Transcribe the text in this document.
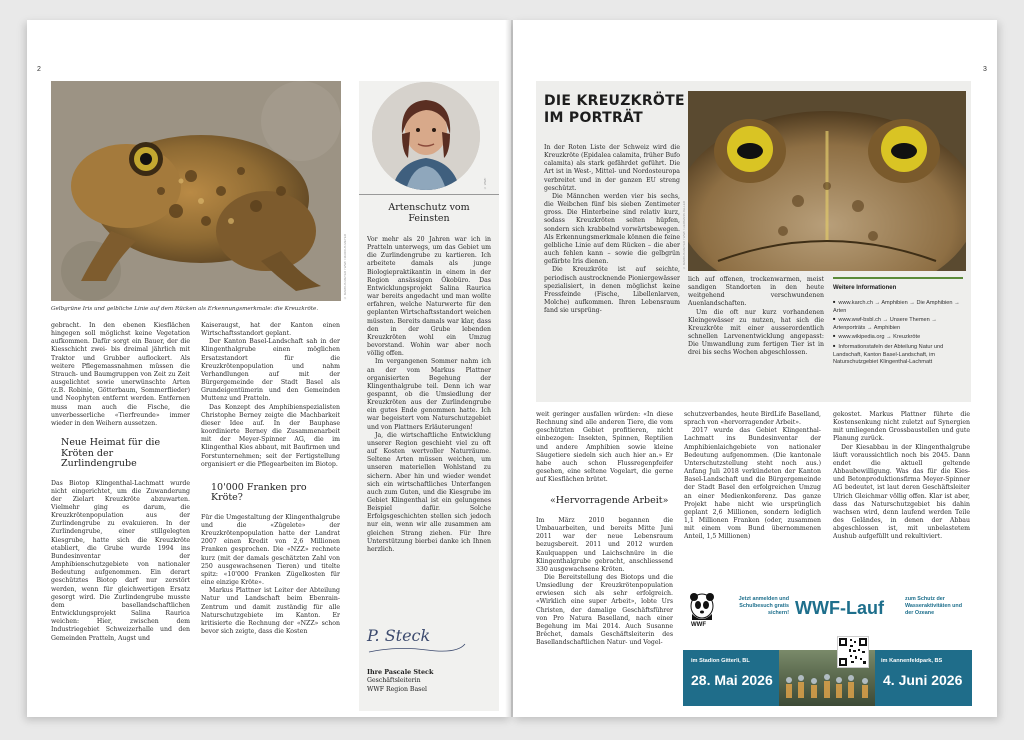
2
© MARKUS MEYER / WWF / MARKUS MEYER
Gelbgrüne Iris und gelbliche Linie auf dem Rücken als Erkennungsmerkmale: die Kreuzkröte.

gebracht. In den ebenen Kiesflächen hingegen soll möglichst keine Vegetation aufkommen. Dafür sorgt ein Bauer, der die Kiesschicht zwei- bis dreimal jährlich mit Traktor und Grubber auflockert. Als weitere Pflegemassnahmen müssen die Strauch- und Baumgruppen von Zeit zu Zeit ausgelichtet sowie unerwünschte Arten (z.B. Robinie, Götterbaum, Sommerflieder) und Neophyten entfernt werden. Entfernen muss man auch die Fische, die unverbesserliche «Tierfreunde» immer wieder in den Weihern aussetzen.

Neue Heimat für die Kröten der Zurlindengrube

Das Biotop Klingenthal-Lachmatt wurde nicht eingerichtet, um die Zuwanderung der Zielart Kreuzkröte abzuwarten. Vielmehr ging es darum, die Kreuzkrötenpopulation aus der Zurlindengrube zu evakuieren. In der Zurlindengrube, einer stillgelegten Kiesgrube, hatte sich die Kreuzkröte etabliert, die Grube wurde 1994 ins Bundesinventar der Amphibienschutzgebiete von nationaler Bedeutung aufgenommen. Ein derart geschütztes Biotop darf nur zerstört werden, wenn für gleichwertigen Ersatz gesorgt wird. Die Zurlindengrube musste dem basellandschaftlichen Entwicklungsprojekt Salina Raurica weichen: Hier, zwischen dem Industriegebiet Schweizerhalle und den Gemeinden Pratteln, Augst und

Kaiseraugst, hat der Kanton einen Wirtschaftsstandort geplant.

Der Kanton Basel-Landschaft sah in der Klingenthalgrube einen möglichen Ersatzstandort für die Kreuzkrötenpopulation und nahm Verhandlungen auf mit der Bürgergemeinde der Stadt Basel als Grundeigentümerin und den Gemeinden Muttenz und Pratteln.

Das Konzept des Amphibienspezialisten Christophe Berney zeigte die Machbarkeit dieser Idee auf. In der Bauphase koordinierte Berney die Zusammenarbeit mit der Meyer-Spinner AG, die im Klingenthal Kies abbaut, mit Baufirmen und Forstunternehmen; seit der Fertigstellung organisiert er die Pflegearbeiten im Biotop.

10'000 Franken pro Kröte?

Für die Umgestaltung der Klingenthalgrube und die «Zügelete» der Kreuzkrötenpopulation hatte der Landrat 2007 einen Kredit von 2,6 Millionen Franken gesprochen. Die «NZZ» rechnete kurz (mit der damals geschätzten Zahl von 250 ausgewachsenen Tieren) und titelte spitz: «10'000 Franken Zügelkosten für eine einzige Kröte».

Markus Plattner ist Leiter der Abteilung Natur und Landschaft beim Ebenrain-Zentrum und damit zuständig für alle Naturschutzgebiete im Kanton. Er kritisierte die Rechnung der «NZZ» schon bevor sich zeigte, dass die Kosten

© WWF
Artenschutz vom Feinsten

Vor mehr als 20 Jahren war ich in Pratteln unterwegs, um das Gebiet um die Zurlindengrube zu kartieren. Ich arbeitete damals als junge Biologiepraktikantin in einem in der Region ansässigen Ökobüro. Das Entwicklungsprojekt Salina Raurica war bereits angedacht und man wollte erfahren, welche Naturwerte für den geplanten Wirtschaftsstandort weichen müssten. Bereits damals war klar, dass den in der Grube lebenden Kreuzkröten wohl ein Umzug bevorstand. Wohin war aber noch völlig offen.

Im vergangenen Sommer nahm ich an der vom Markus Plattner organisierten Begehung der Klingenthalgrube teil. Denn ich war gespannt, ob die Umsiedlung der Kreuzkröten aus der Zurlindengrube ein gutes Ende genommen hatte. Ich war begeistert vom Naturschutzgebiet und von Plattners Erläuterungen!

Ja, die wirtschaftliche Entwicklung unserer Region geschieht viel zu oft auf Kosten wertvoller Naturräume. Seltene Arten müssen weichen, um unseren materiellen Wohlstand zu sichern. Aber hin und wieder wendet sich ein wirtschaftliches Unterfangen auch zum Guten, und die Kiesgrube im Gebiet Klingenthal ist ein gelungenes Beispiel dafür. Solche Erfolgsgeschichten stellen sich jedoch nur ein, wenn wir alle zusammen am gleichen Strang ziehen. Für Ihre Unterstützung bierbei danke ich Ihnen herzlich.

P. Steck
Ihre Pascale Steck
Geschäftsleiterin
WWF Region Basel
3
DIE KREUZKRÖTE
IM PORTRÄT

In der Roten Liste der Schweiz wird die Kreuzkröte (Epidalea calamita, früher Bufo calamita) als stark gefährdet geführt. Die Art ist in West-, Mittel- und Nordosteuropa verbreitet und in der ganzen EU streng geschützt.

Die Männchen werden vier bis sechs, die Weibchen fünf bis sieben Zentimeter gross. Die Hinterbeine sind relativ kurz, sodass Kreuzkröten selten hüpfen, sondern sich krabbelnd vorwärtsbewegen. Als Erkennungsmerkmale können die feine gelbliche Linie auf dem Rücken – die aber auch fehlen kann – sowie die gelbgrün gefärbte Iris dienen.

Die Kreuzkröte ist auf seichte, periodisch austrocknende Pioniergewässer spezialisiert, in denen möglichst keine Fressfeinde (Fische, Libellenlarven, Molche) aufkommen. Ihren Lebensraum fand sie ursprüng-

© MARKUS MEYER / WWF / HERMANN ZELLER

lich auf offenen, trockenwarmen, meist sandigen Standorten in den heute weitgehend verschwundenen Auenlandschaften.

Um die oft nur kurz vorhandenen Kleingewässer zu nutzen, hat sich die Kreuzkröte mit einer ausserordentlich schnellen Larvenentwicklung angepasst: Die Umwandlung zum fertigen Tier ist in drei bis sechs Wochen abgeschlossen.

Weitere Informationen
■ www.karch.ch → Amphibien → Die Amphibien → Arten
■ www.wwf-bsbl.ch → Unsere Themen → Artenporträts → Amphibien
■ www.wikipedia.org → Kreuzkröte
■ Informationstafeln der Abteilung Natur und Landschaft, Kanton Basel-Landschaft, im Naturschutzgebiet Klingenthal-Lachmatt

weit geringer ausfallen würden: «In diese Rechnung sind alle anderen Tiere, die vom geschützten Gebiet profitieren, nicht einbezogen: Insekten, Spinnen, Reptilien und andere Amphibien sowie kleine Säugetiere siedeln sich auch hier an.» Er habe auch schon Flussregenpfeifer gesehen, eine seltene Vogelart, die gerne auf Kiesflächen brütet.

«Hervorragende Arbeit»

Im März 2010 begannen die Umbauarbeiten, und bereits Mitte Juni 2011 war der neue Lebensraum bezugsbereit. 2011 und 2012 wurden Kaulquappen und Laichschnüre in die Klingenthalgrube gebracht, anschliessend 330 ausgewachsene Kröten.

Die Bereitstellung des Biotops und die Umsiedlung der Kreuzkrötenpopulation erwiesen sich als sehr erfolgreich. «Wirklich eine super Arbeit», lobte Urs Christen, der damalige Geschäftsführer von Pro Natura Baselland, nach einer Begehung im Mai 2014. Auch Susanne Brêchet, damals Geschäftsleiterin des Basellandschaftlichen Natur- und Vogel-

schutzverbandes, heute BirdLife Baselland, sprach von «hervorragender Arbeit».

2017 wurde das Gebiet Klingenthal-Lachmatt ins Bundesinventar der Amphibienlaichgebiete von nationaler Bedeutung aufgenommen. (Die kantonale Unterschutzstellung steht noch aus.) Anfang Juli 2018 verkündeten der Kanton Basel-Landschaft und die Bürgergemeinde der Stadt Basel den erfolgreichen Umzug an einer Medienkonferenz. Das ganze Projekt habe nicht wie ursprünglich geplant 2,6 Millionen, sondern lediglich 1,1 Millionen Franken (oder, zusammen mit einem vom Bund übernommenen Anteil, 1,5 Millionen)

gekostet. Markus Plattner führte die Kostensenkung nicht zuletzt auf Synergien mit umliegenden Grossbaustellen und gute Planung zurück.

Der Kiesabbau in der Klingenthalgrube läuft voraussichtlich noch bis 2045. Dann endet die aktuell geltende Abbaubewilligung. Was das für die Kies- und Betonproduktionsfirma Meyer-Spinner AG bedeutet, ist laut deren Geschäftsleiter Ulrich Gleichmar völlig offen. Klar ist aber, dass das Naturschutzgebiet bis dahin wachsen wird, denn laufend werden Teile des Geländes, in denen der Abbau abgeschlossen ist, mit unbelastetem Aushub aufgefüllt und rekultiviert.

WWF
Jetzt anmelden und Schulbesuch gratis sichern! WWF-Lauf	zum Schutz der Wasseraktivitäten und der Ozeane
im Stadion Gitterli, BL
28. Mai 2026
im Kannenfeldpark, BS
4. Juni 2026
